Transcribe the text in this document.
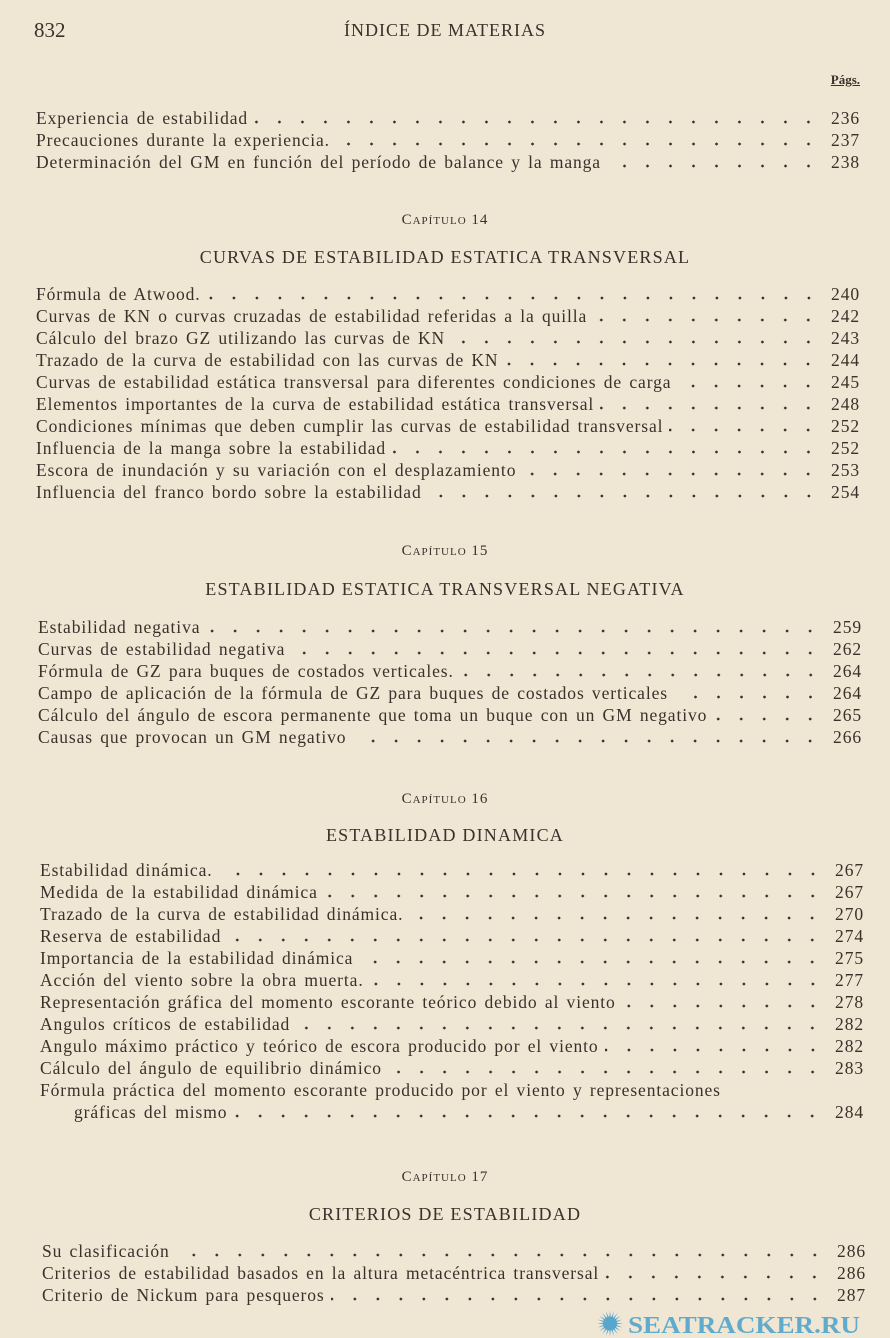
832	ÍNDICE DE MATERIAS
Págs.
Experiencia de estabilidad	236
Precauciones durante la experiencia.	237
Determinación del GM en función del período de balance y la manga	238
Capítulo 14
CURVAS DE ESTABILIDAD ESTATICA TRANSVERSAL
Fórmula de Atwood.	240
Curvas de KN o curvas cruzadas de estabilidad referidas a la quilla	242
Cálculo del brazo GZ utilizando las curvas de KN	243
Trazado de la curva de estabilidad con las curvas de KN	244
Curvas de estabilidad estática transversal para diferentes condiciones de carga	245
Elementos importantes de la curva de estabilidad estática transversal	248
Condiciones mínimas que deben cumplir las curvas de estabilidad transversal	252
Influencia de la manga sobre la estabilidad	252
Escora de inundación y su variación con el desplazamiento	253
Influencia del franco bordo sobre la estabilidad	254
Capítulo 15
ESTABILIDAD ESTATICA TRANSVERSAL NEGATIVA
Estabilidad negativa	259
Curvas de estabilidad negativa	262
Fórmula de GZ para buques de costados verticales.	264
Campo de aplicación de la fórmula de GZ para buques de costados verticales	264
Cálculo del ángulo de escora permanente que toma un buque con un GM negativo	265
Causas que provocan un GM negativo	266
Capítulo 16
ESTABILIDAD DINAMICA
Estabilidad dinámica.	267
Medida de la estabilidad dinámica	267
Trazado de la curva de estabilidad dinámica.	270
Reserva de estabilidad	274
Importancia de la estabilidad dinámica	275
Acción del viento sobre la obra muerta.	277
Representación gráfica del momento escorante teórico debido al viento	278
Angulos críticos de estabilidad	282
Angulo máximo práctico y teórico de escora producido por el viento	282
Cálculo del ángulo de equilibrio dinámico	283
Fórmula práctica del momento escorante producido por el viento y representaciones
gráficas del mismo	284
Capítulo 17
CRITERIOS DE ESTABILIDAD
Su clasificación	286
Criterios de estabilidad basados en la altura metacéntrica transversal	286
Criterio de Nickum para pesqueros	287
SEATRACKER.RU
